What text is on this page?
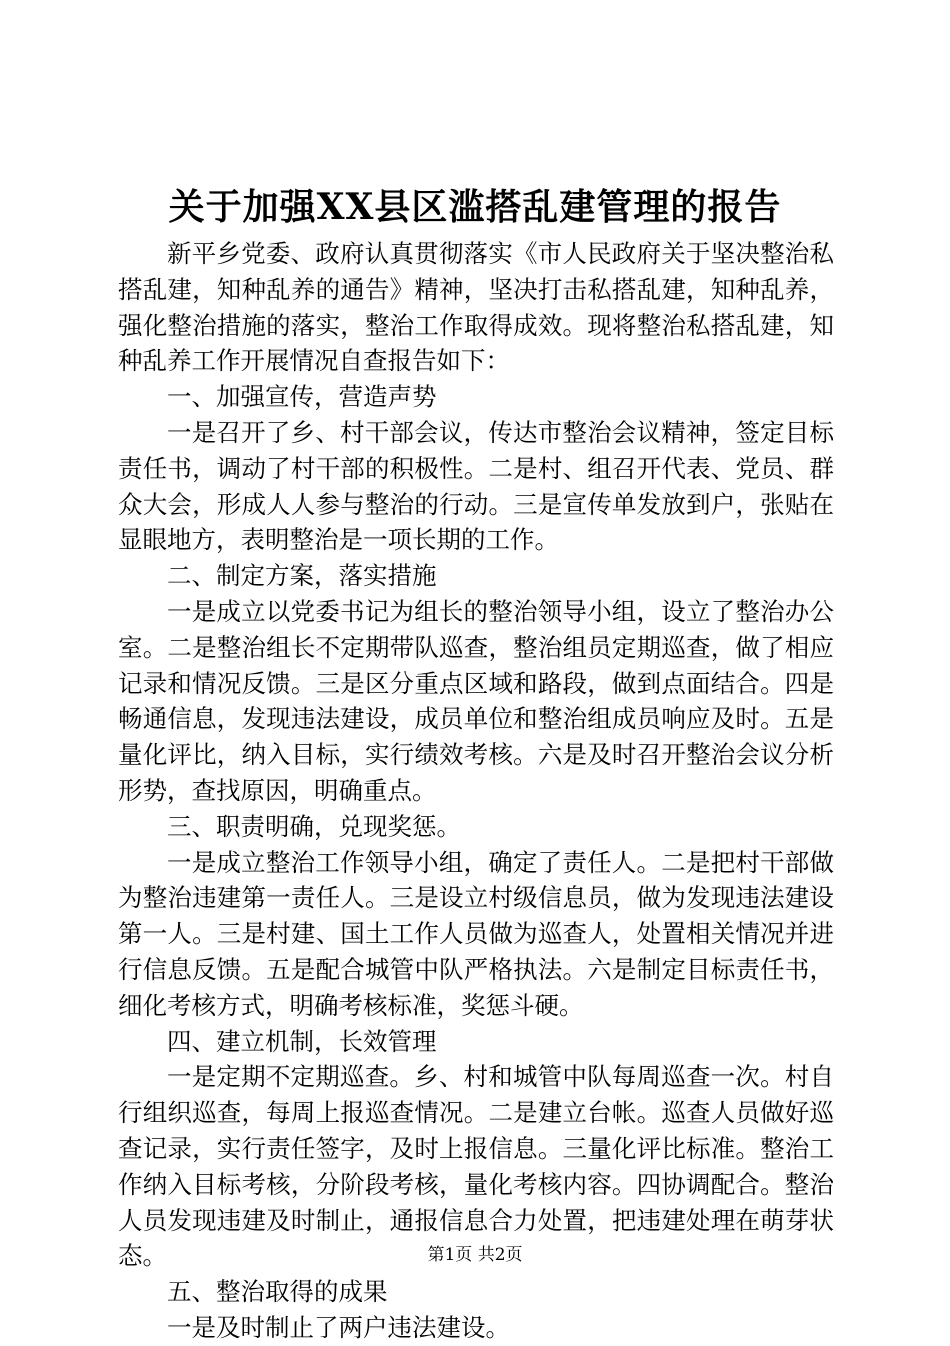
关于加强XX县区滥搭乱建管理的报告

新平乡党委、政府认真贯彻落实《市人民政府关于坚决整治私搭乱建，知种乱养的通告》精神，坚决打击私搭乱建，知种乱养，强化整治措施的落实，整治工作取得成效。现将整治私搭乱建，知种乱养工作开展情况自查报告如下：

一、加强宣传，营造声势

一是召开了乡、村干部会议，传达市整治会议精神，签定目标责任书，调动了村干部的积极性。二是村、组召开代表、党员、群众大会，形成人人参与整治的行动。三是宣传单发放到户，张贴在显眼地方，表明整治是一项长期的工作。

二、制定方案，落实措施

一是成立以党委书记为组长的整治领导小组，设立了整治办公室。二是整治组长不定期带队巡查，整治组员定期巡查，做了相应记录和情况反馈。三是区分重点区域和路段，做到点面结合。四是畅通信息，发现违法建设，成员单位和整治组成员响应及时。五是量化评比，纳入目标，实行绩效考核。六是及时召开整治会议分析形势，查找原因，明确重点。

三、职责明确，兑现奖惩。

一是成立整治工作领导小组，确定了责任人。二是把村干部做为整治违建第一责任人。三是设立村级信息员，做为发现违法建设第一人。三是村建、国土工作人员做为巡查人，处置相关情况并进行信息反馈。五是配合城管中队严格执法。六是制定目标责任书，细化考核方式，明确考核标准，奖惩斗硬。

四、建立机制，长效管理

一是定期不定期巡查。乡、村和城管中队每周巡查一次。村自行组织巡查，每周上报巡查情况。二是建立台帐。巡查人员做好巡查记录，实行责任签字，及时上报信息。三量化评比标准。整治工作纳入目标考核，分阶段考核，量化考核内容。四协调配合。整治人员发现违建及时制止，通报信息合力处置，把违建处理在萌芽状态。

五、整治取得的成果

一是及时制止了两户违法建设。

第1页 共2页
